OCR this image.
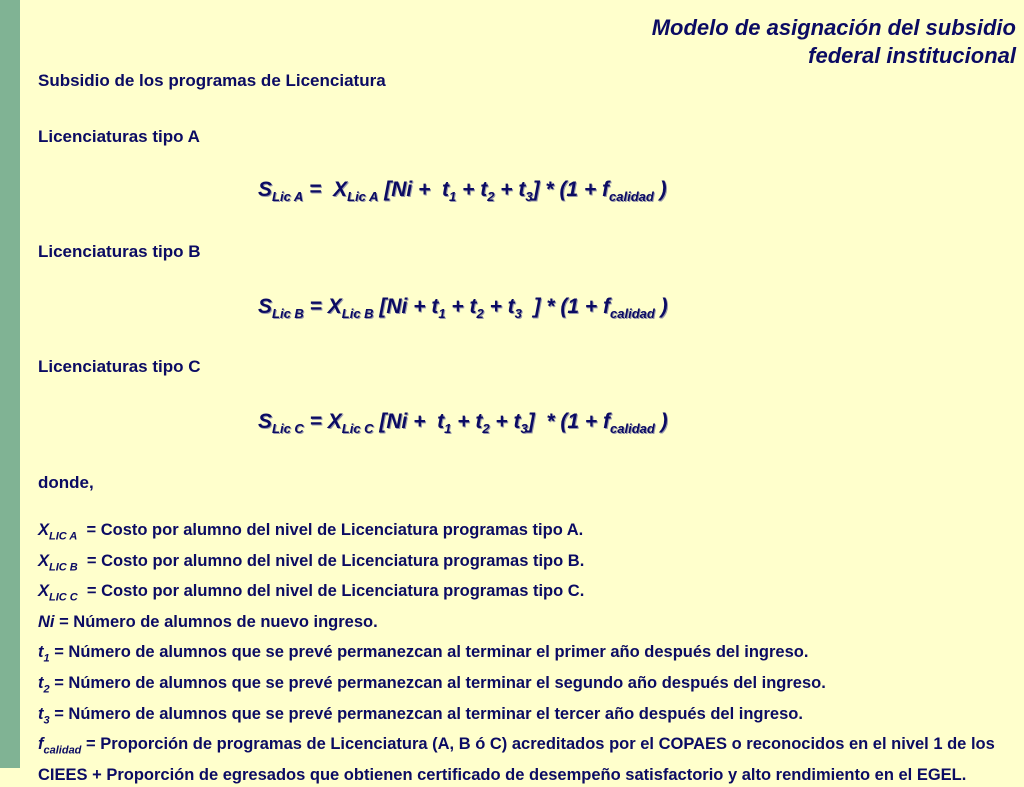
Modelo de asignación del subsidio
federal institucional
Subsidio de los programas de Licenciatura
Licenciaturas tipo A
$S_{Lic A} = X_{Lic A}$ $[Ni + t_1 + t_2 + t_3] * (1 + f_{calidad}$ )
Licenciaturas tipo B
$S_{Lic B} = X_{Lic B}$ [$Ni + t_1 + t_2 + t_3$  ] * ($1 + f_{calidad}$ )
Licenciaturas tipo C
$S_{Lic C} = X_{Lic C}$ $[Ni + t_1 + t_2 + t_3] * (1 + f_{calidad}$ )
donde,
$X_{LIC A}$  = Costo por alumno del nivel de Licenciatura programas tipo A.
$X_{LIC B}$  = Costo por alumno del nivel de Licenciatura programas tipo B.
$X_{LIC C}$  = Costo por alumno del nivel de Licenciatura programas tipo C.
Ni = Número de alumnos de nuevo ingreso.
$t_1$ = Número de alumnos que se prevé permanezcan al terminar el primer año después del ingreso.
$t_2$ = Número de alumnos que se prevé permanezcan al terminar el segundo año después del ingreso.
$t_3$ = Número de alumnos que se prevé permanezcan al terminar el tercer año después del ingreso.
$f_{calidad}$ = Proporción de programas de Licenciatura (A, B ó C) acreditados por el COPAES o reconocidos en el nivel 1 de los CIEES + Proporción de egresados que obtienen certificado de desempeño satisfactorio y alto rendimiento en el EGEL.
